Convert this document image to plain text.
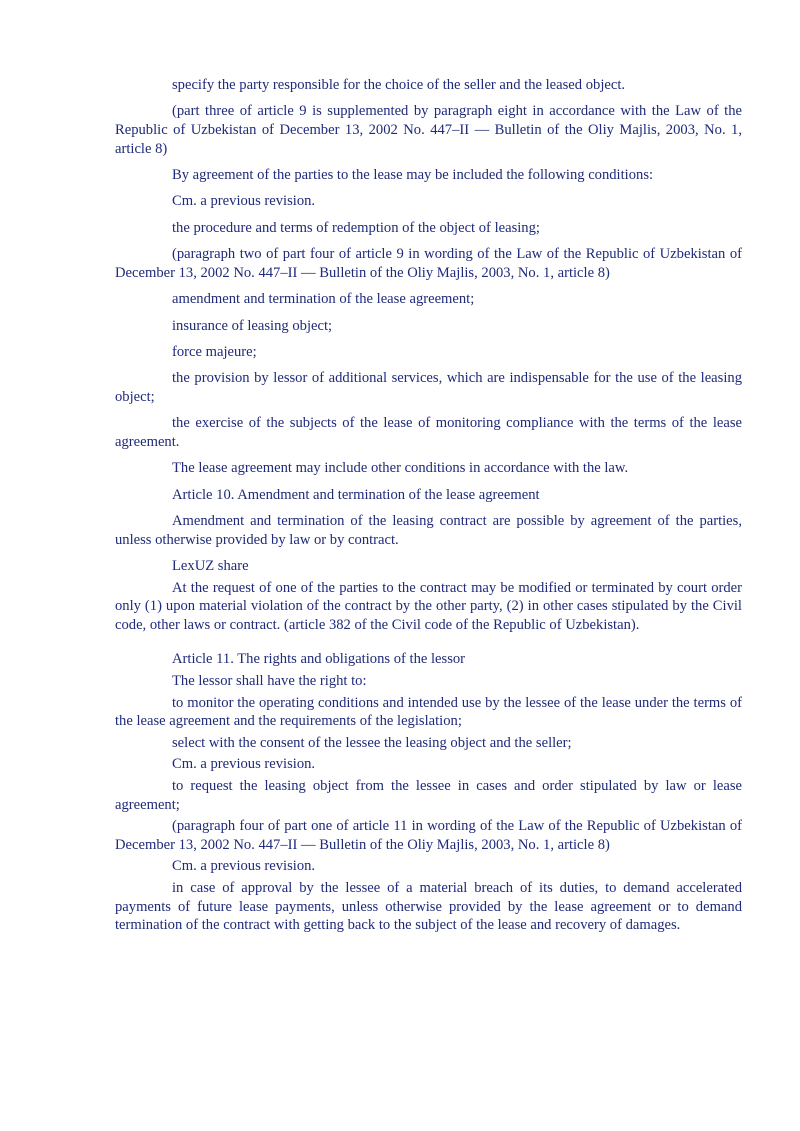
specify the party responsible for the choice of the seller and the leased object.

(part three of article 9 is supplemented by paragraph eight in accordance with the Law of the Republic of Uzbekistan of December 13, 2002 No. 447–II — Bulletin of the Oliy Majlis, 2003, No. 1, article 8)

By agreement of the parties to the lease may be included the following conditions:

Cm. a previous revision.

the procedure and terms of redemption of the object of leasing;

(paragraph two of part four of article 9 in wording of the Law of the Republic of Uzbekistan of December 13, 2002 No. 447–II — Bulletin of the Oliy Majlis, 2003, No. 1, article 8)

amendment and termination of the lease agreement;

insurance of leasing object;

force majeure;

the provision by lessor of additional services, which are indispensable for the use of the leasing object;

the exercise of the subjects of the lease of monitoring compliance with the terms of the lease agreement.

The lease agreement may include other conditions in accordance with the law.

Article 10. Amendment and termination of the lease agreement

Amendment and termination of the leasing contract are possible by agreement of the parties, unless otherwise provided by law or by contract.

LexUZ share

At the request of one of the parties to the contract may be modified or terminated by court order only (1) upon material violation of the contract by the other party, (2) in other cases stipulated by the Civil code, other laws or contract. (article 382 of the Civil code of the Republic of Uzbekistan).

Article 11. The rights and obligations of the lessor

The lessor shall have the right to:

to monitor the operating conditions and intended use by the lessee of the lease under the terms of the lease agreement and the requirements of the legislation;

select with the consent of the lessee the leasing object and the seller;

Cm. a previous revision.

to request the leasing object from the lessee in cases and order stipulated by law or lease agreement;

(paragraph four of part one of article 11 in wording of the Law of the Republic of Uzbekistan of December 13, 2002 No. 447–II — Bulletin of the Oliy Majlis, 2003, No. 1, article 8)

Cm. a previous revision.

in case of approval by the lessee of a material breach of its duties, to demand accelerated payments of future lease payments, unless otherwise provided by the lease agreement or to demand termination of the contract with getting back to the subject of the lease and recovery of damages.
